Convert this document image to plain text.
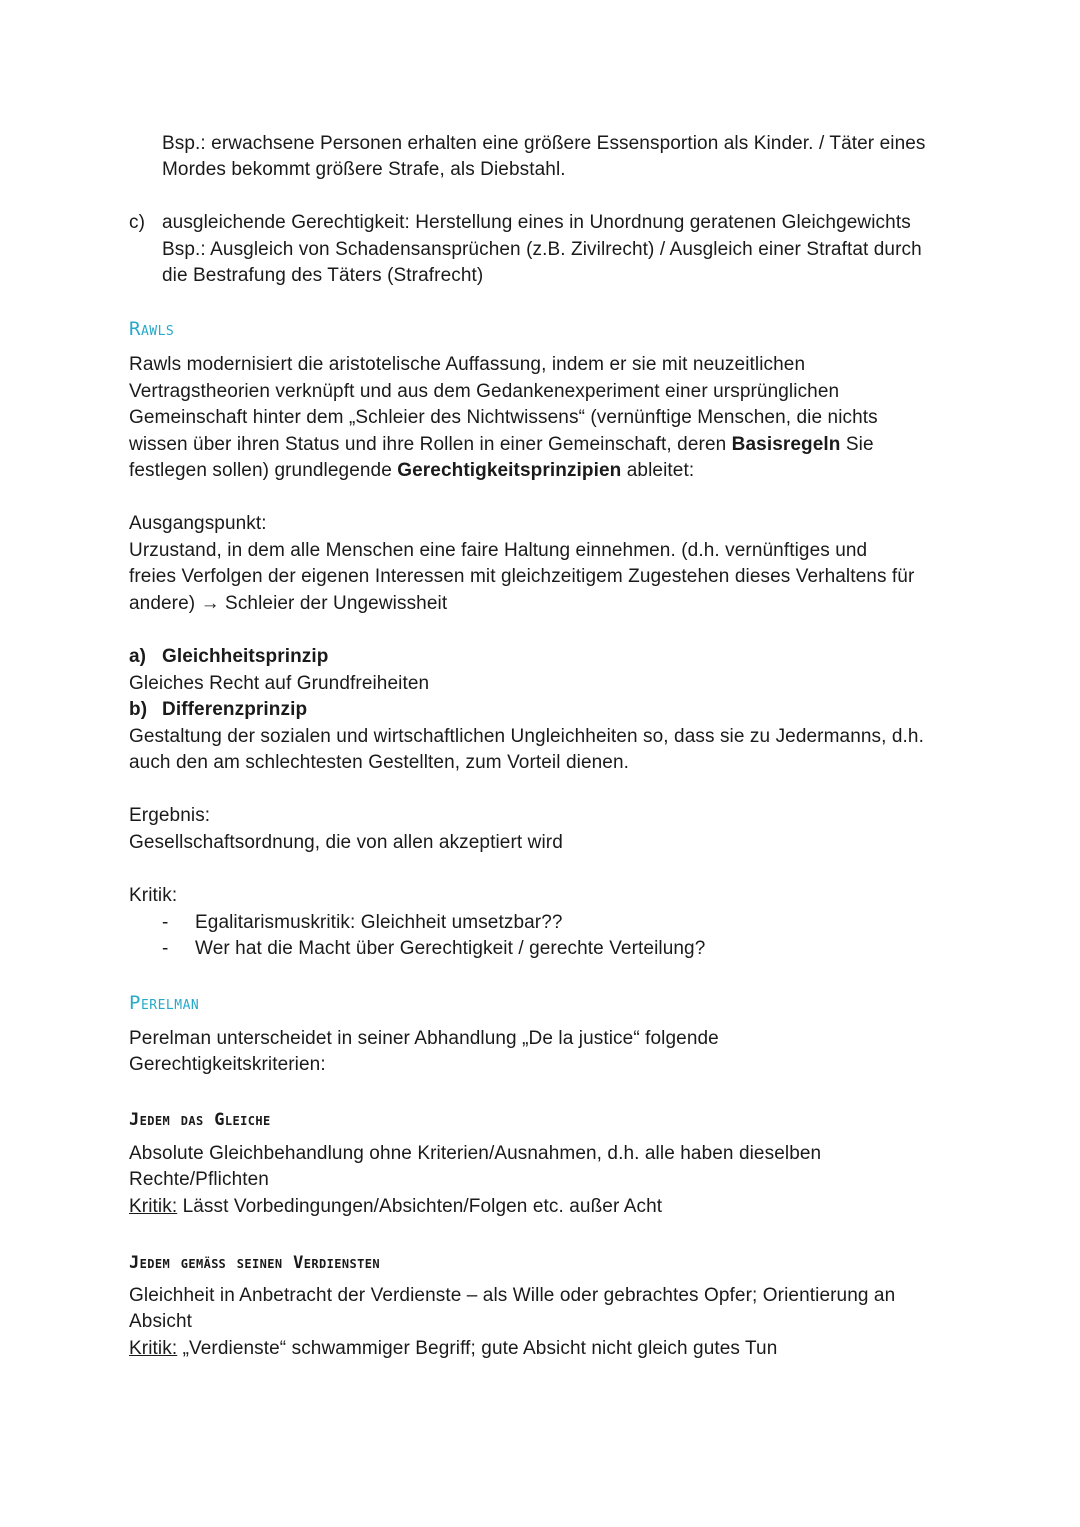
Bsp.: erwachsene Personen erhalten eine größere Essensportion als Kinder. / Täter eines
Mordes bekommt größere Strafe, als Diebstahl.
c) ausgleichende Gerechtigkeit: Herstellung eines in Unordnung geratenen Gleichgewichts
Bsp.: Ausgleich von Schadensansprüchen (z.B. Zivilrecht) / Ausgleich einer Straftat durch
die Bestrafung des Täters (Strafrecht)
Rawls
Rawls modernisiert die aristotelische Auffassung, indem er sie mit neuzeitlichen
Vertragstheorien verknüpft und aus dem Gedankenexperiment einer ursprünglichen
Gemeinschaft hinter dem „Schleier des Nichtwissens“ (vernünftige Menschen, die nichts
wissen über ihren Status und ihre Rollen in einer Gemeinschaft, deren Basisregeln Sie
festlegen sollen) grundlegende Gerechtigkeitsprinzipien ableitet:
Ausgangspunkt:
Urzustand, in dem alle Menschen eine faire Haltung einnehmen. (d.h. vernünftiges und
freies Verfolgen der eigenen Interessen mit gleichzeitigem Zugestehen dieses Verhaltens für
andere) → Schleier der Ungewissheit
a) Gleichheitsprinzip
Gleiches Recht auf Grundfreiheiten
b) Differenzprinzip
Gestaltung der sozialen und wirtschaftlichen Ungleichheiten so, dass sie zu Jedermanns, d.h.
auch den am schlechtesten Gestellten, zum Vorteil dienen.
Ergebnis:
Gesellschaftsordnung, die von allen akzeptiert wird
Kritik:
- Egalitarismuskritik: Gleichheit umsetzbar??
- Wer hat die Macht über Gerechtigkeit / gerechte Verteilung?
Perelman
Perelman unterscheidet in seiner Abhandlung „De la justice“ folgende
Gerechtigkeitskriterien:
Jedem das Gleiche
Absolute Gleichbehandlung ohne Kriterien/Ausnahmen, d.h. alle haben dieselben
Rechte/Pflichten
Kritik: Lässt Vorbedingungen/Absichten/Folgen etc. außer Acht
Jedem gemäß seinen Verdiensten
Gleichheit in Anbetracht der Verdienste – als Wille oder gebrachtes Opfer; Orientierung an
Absicht
Kritik: „Verdienste“ schwammiger Begriff; gute Absicht nicht gleich gutes Tun
